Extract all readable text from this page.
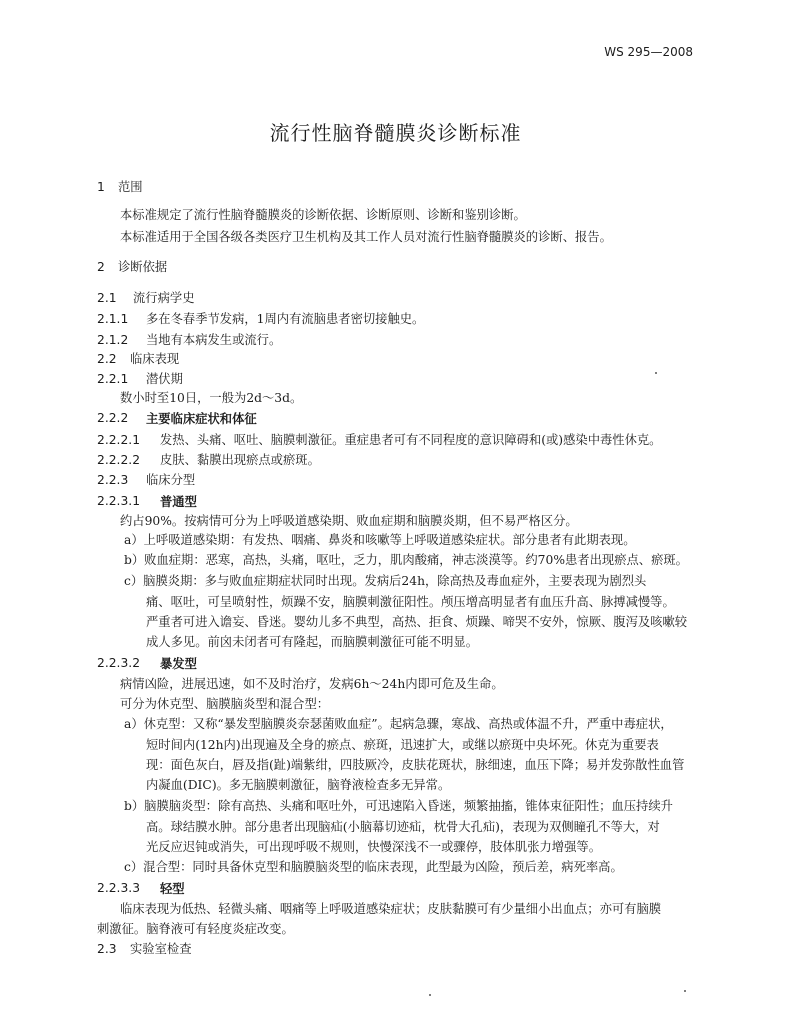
WS 295—2008
流行性脑脊髓膜炎诊断标准
1 范围
本标准规定了流行性脑脊髓膜炎的诊断依据、诊断原则、诊断和鉴别诊断。
本标准适用于全国各级各类医疗卫生机构及其工作人员对流行性脑脊髓膜炎的诊断、报告。
2 诊断依据
2.1 流行病学史
2.1.1 多在冬春季节发病，1周内有流脑患者密切接触史。
2.1.2 当地有本病发生或流行。
2.2 临床表现
2.2.1 潜伏期
数小时至10日，一般为2d～3d。
2.2.2 主要临床症状和体征
2.2.2.1 发热、头痛、呕吐、脑膜刺激征。重症患者可有不同程度的意识障碍和(或)感染中毒性休克。
2.2.2.2 皮肤、黏膜出现瘀点或瘀斑。
2.2.3 临床分型
2.2.3.1 普通型
约占90%。按病情可分为上呼吸道感染期、败血症期和脑膜炎期，但不易严格区分。
a）上呼吸道感染期：有发热、咽痛、鼻炎和咳嗽等上呼吸道感染症状。部分患者有此期表现。
b）败血症期：恶寒，高热，头痛，呕吐，乏力，肌肉酸痛，神志淡漠等。约70%患者出现瘀点、瘀斑。
c）脑膜炎期：多与败血症期症状同时出现。发病后24h，除高热及毒血症外，主要表现为剧烈头
痛、呕吐，可呈喷射性，烦躁不安，脑膜刺激征阳性。颅压增高明显者有血压升高、脉搏减慢等。
严重者可进入谵妄、昏迷。婴幼儿多不典型，高热、拒食、烦躁、啼哭不安外，惊厥、腹泻及咳嗽较
成人多见。前囟未闭者可有隆起，而脑膜刺激征可能不明显。
2.2.3.2 暴发型
病情凶险，进展迅速，如不及时治疗，发病6h～24h内即可危及生命。
可分为休克型、脑膜脑炎型和混合型：
a）休克型：又称“暴发型脑膜炎奈瑟菌败血症”。起病急骤，寒战、高热或体温不升，严重中毒症状，
短时间内(12h内)出现遍及全身的瘀点、瘀斑，迅速扩大，或继以瘀斑中央坏死。休克为重要表
现：面色灰白，唇及指(趾)端紫绀，四肢厥冷，皮肤花斑状，脉细速，血压下降；易并发弥散性血管
内凝血(DIC)。多无脑膜刺激征，脑脊液检查多无异常。
b）脑膜脑炎型：除有高热、头痛和呕吐外，可迅速陷入昏迷，频繁抽搐，锥体束征阳性；血压持续升
高。球结膜水肿。部分患者出现脑疝(小脑幕切迹疝，枕骨大孔疝)，表现为双侧瞳孔不等大，对
光反应迟钝或消失，可出现呼吸不规则，快慢深浅不一或骤停，肢体肌张力增强等。
c）混合型：同时具备休克型和脑膜脑炎型的临床表现，此型最为凶险，预后差，病死率高。
2.2.3.3 轻型
临床表现为低热、轻微头痛、咽痛等上呼吸道感染症状；皮肤黏膜可有少量细小出血点；亦可有脑膜
刺激征。脑脊液可有轻度炎症改变。
2.3 实验室检查
